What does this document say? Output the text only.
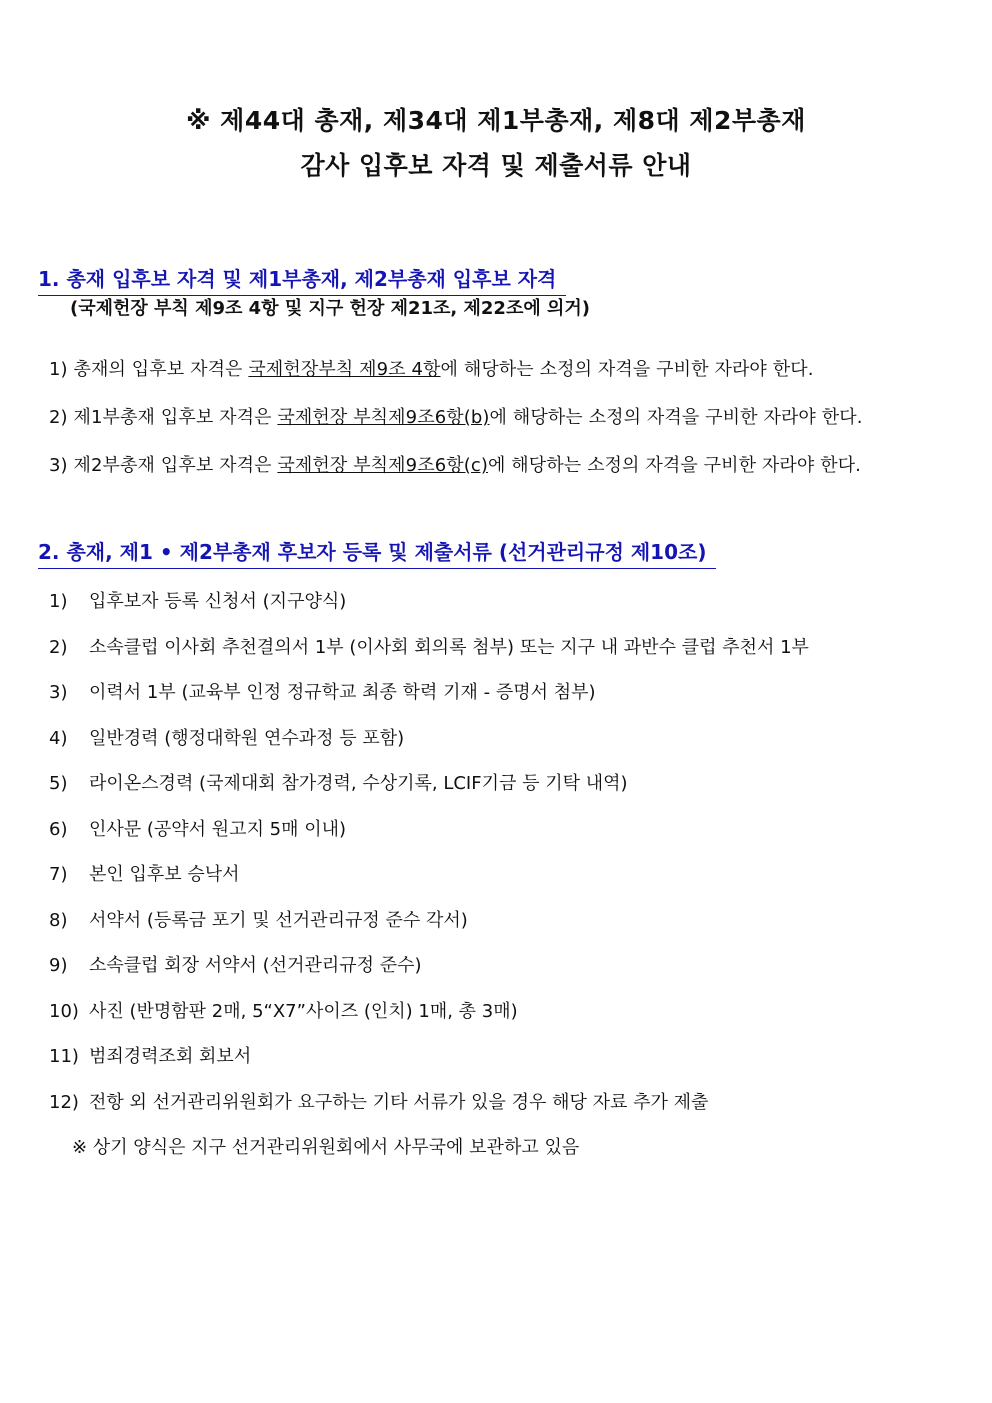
※ 제44대 총재, 제34대 제1부총재, 제8대 제2부총재
감사 입후보 자격 및 제출서류 안내
1. 총재 입후보 자격 및 제1부총재, 제2부총재 입후보 자격
(국제헌장 부칙 제9조 4항 및 지구 헌장 제21조, 제22조에 의거)
1) 총재의 입후보 자격은 국제헌장부칙 제9조 4항에 해당하는 소정의 자격을 구비한 자라야 한다.
2) 제1부총재 입후보 자격은 국제헌장 부칙제9조6항(b)에 해당하는 소정의 자격을 구비한 자라야 한다.
3) 제2부총재 입후보 자격은 국제헌장 부칙제9조6항(c)에 해당하는 소정의 자격을 구비한 자라야 한다.
2. 총재, 제1 • 제2부총재 후보자 등록 및 제출서류 (선거관리규정 제10조)
1) 입후보자 등록 신청서 (지구양식)
2) 소속클럽 이사회 추천결의서 1부 (이사회 회의록 첨부) 또는 지구 내 과반수 클럽 추천서 1부
3) 이력서 1부 (교육부 인정 정규학교 최종 학력 기재 - 증명서 첨부)
4) 일반경력 (행정대학원 연수과정 등 포함)
5) 라이온스경력 (국제대회 참가경력, 수상기록, LCIF기금 등 기탁 내역)
6) 인사문 (공약서 원고지 5매 이내)
7) 본인 입후보 승낙서
8) 서약서 (등록금 포기 및 선거관리규정 준수 각서)
9) 소속클럽 회장 서약서 (선거관리규정 준수)
10) 사진 (반명함판 2매, 5“X7”사이즈 (인치) 1매, 총 3매)
11) 범죄경력조회 회보서
12) 전항 외 선거관리위원회가 요구하는 기타 서류가 있을 경우 해당 자료 추가 제출
※ 상기 양식은 지구 선거관리위원회에서 사무국에 보관하고 있음
